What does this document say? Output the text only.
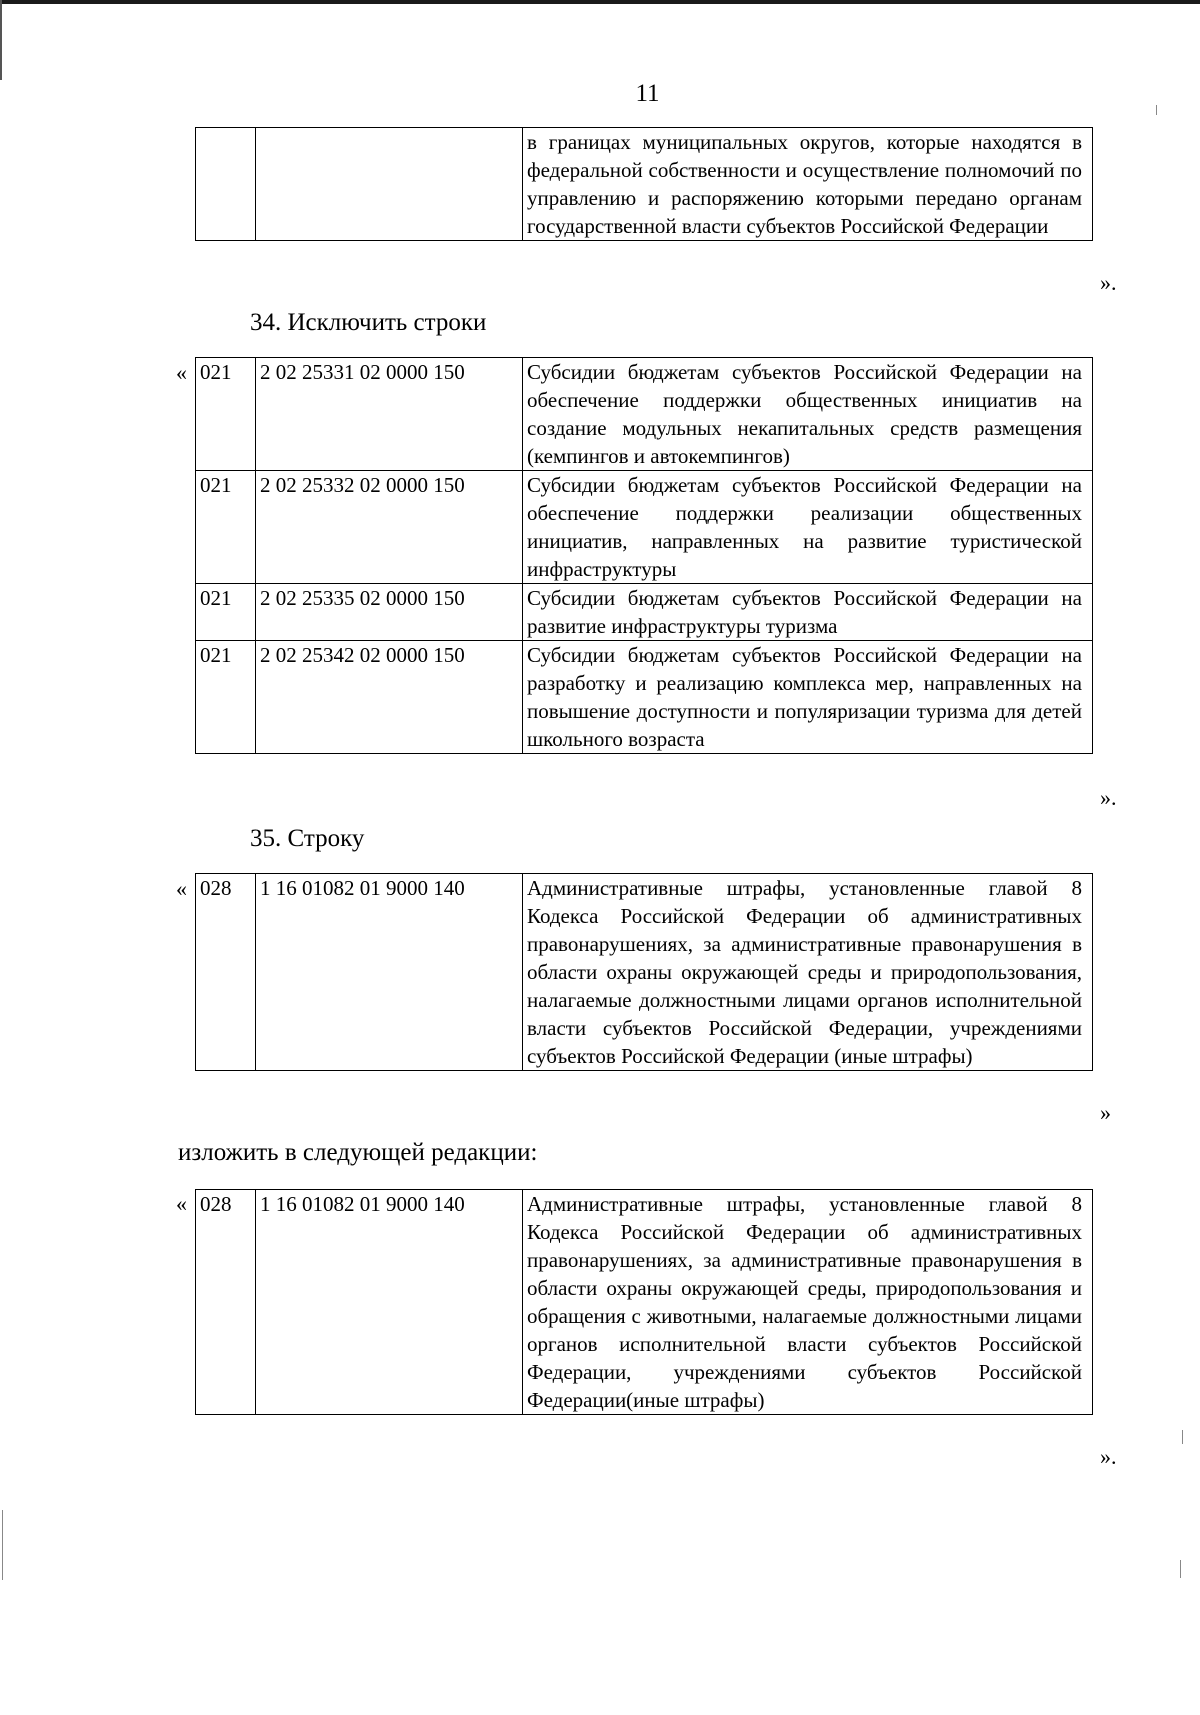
11
		в границах муниципальных округов, которые находятся в федеральной собственности и осуществление полномочий по управлению и распоряжению которыми передано органам государственной власти субъектов Российской Федерации
».
34. Исключить строки
« 021	2 02 25331 02 0000 150	Субсидии бюджетам субъектов Российской Федерации на обеспечение поддержки общественных инициатив на создание модульных некапитальных средств размещения (кемпингов и автокемпингов)
021	2 02 25332 02 0000 150	Субсидии бюджетам субъектов Российской Федерации на обеспечение поддержки реализации общественных инициатив, направленных на развитие туристической инфраструктуры
021	2 02 25335 02 0000 150	Субсидии бюджетам субъектов Российской Федерации на развитие инфраструктуры туризма
021	2 02 25342 02 0000 150	Субсидии бюджетам субъектов Российской Федерации на разработку и реализацию комплекса мер, направленных на повышение доступности и популяризации туризма для детей школьного возраста
».
35. Строку
« 028	1 16 01082 01 9000 140	Административные штрафы, установленные главой 8 Кодекса Российской Федерации об административных правонарушениях, за административные правонарушения в области охраны окружающей среды и природопользования, налагаемые должностными лицами органов исполнительной власти субъектов Российской Федерации, учреждениями субъектов Российской Федерации (иные штрафы)
»
изложить в следующей редакции:
« 028	1 16 01082 01 9000 140	Административные штрафы, установленные главой 8 Кодекса Российской Федерации об административных правонарушениях, за административные правонарушения в области охраны окружающей среды, природопользования и обращения с животными, налагаемые должностными лицами органов исполнительной власти субъектов Российской Федерации, учреждениями субъектов Российской Федерации(иные штрафы)
».
